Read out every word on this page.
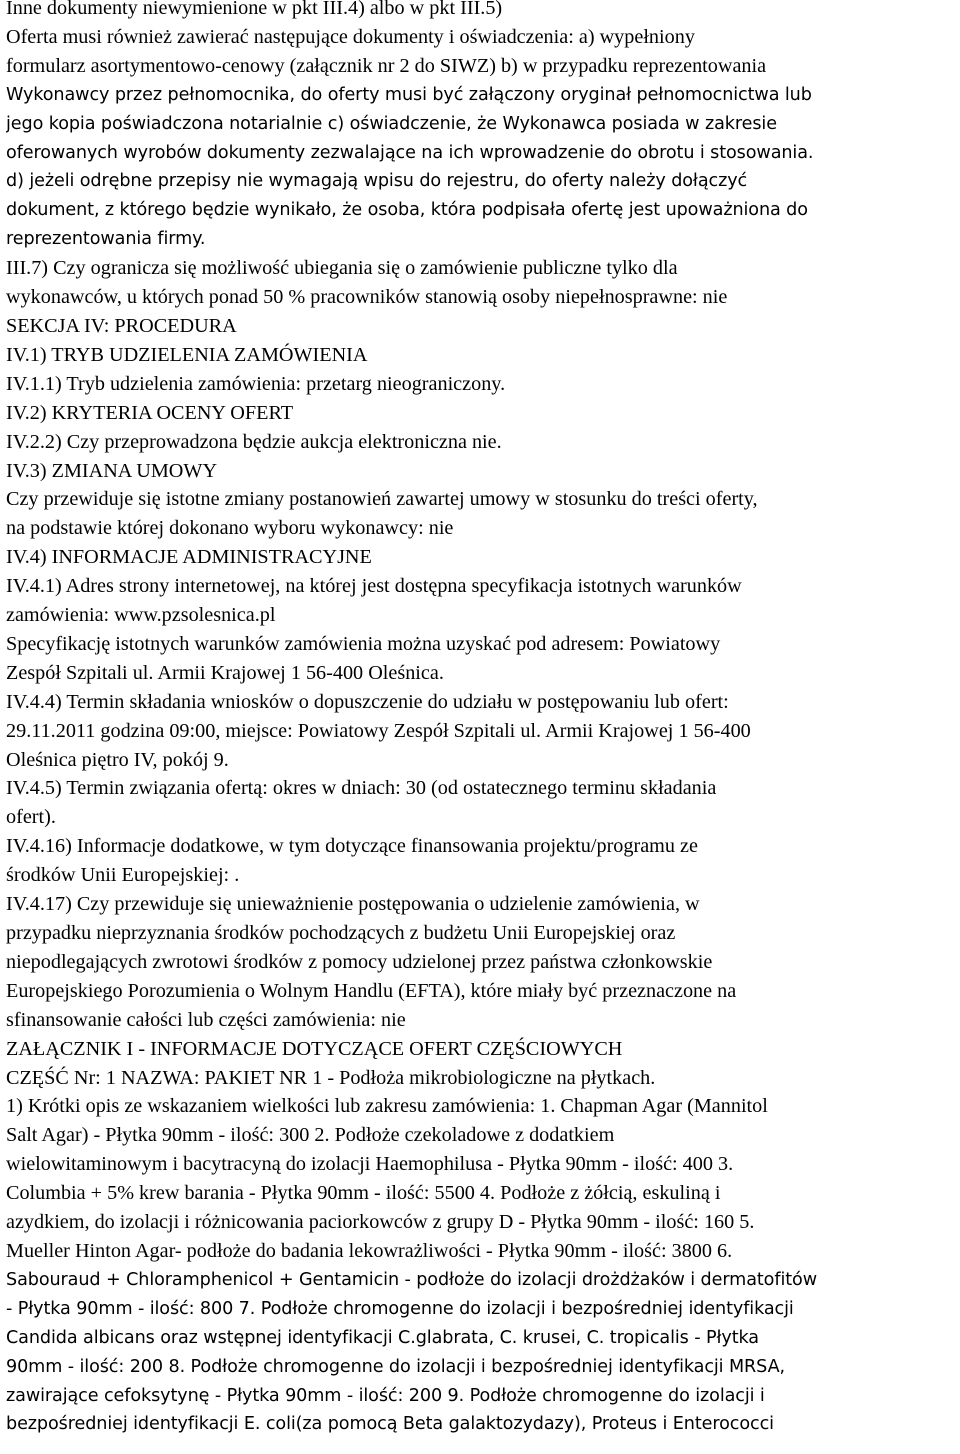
Inne dokumenty niewymienione w pkt III.4) albo w pkt III.5)
Oferta musi również zawierać następujące dokumenty i oświadczenia: a) wypełniony
formularz asortymentowo-cenowy (załącznik nr 2 do SIWZ) b) w przypadku reprezentowania
Wykonawcy przez pełnomocnika, do oferty musi być załączony oryginał pełnomocnictwa lub
jego kopia poświadczona notarialnie c) oświadczenie, że Wykonawca posiada w zakresie
oferowanych wyrobów dokumenty zezwalające na ich wprowadzenie do obrotu i stosowania.
d) jeżeli odrębne przepisy nie wymagają wpisu do rejestru, do oferty należy dołączyć
dokument, z którego będzie wynikało, że osoba, która podpisała ofertę jest upoważniona do
reprezentowania firmy.
III.7) Czy ogranicza się możliwość ubiegania się o zamówienie publiczne tylko dla
wykonawców, u których ponad 50 % pracowników stanowią osoby niepełnosprawne: nie
SEKCJA IV: PROCEDURA
IV.1) TRYB UDZIELENIA ZAMÓWIENIA
IV.1.1) Tryb udzielenia zamówienia: przetarg nieograniczony.
IV.2) KRYTERIA OCENY OFERT
IV.2.2) Czy przeprowadzona będzie aukcja elektroniczna nie.
IV.3) ZMIANA UMOWY
Czy przewiduje się istotne zmiany postanowień zawartej umowy w stosunku do treści oferty,
na podstawie której dokonano wyboru wykonawcy: nie
IV.4) INFORMACJE ADMINISTRACYJNE
IV.4.1) Adres strony internetowej, na której jest dostępna specyfikacja istotnych warunków
zamówienia: www.pzsolesnica.pl
Specyfikację istotnych warunków zamówienia można uzyskać pod adresem: Powiatowy
Zespół Szpitali ul. Armii Krajowej 1 56-400 Oleśnica.
IV.4.4) Termin składania wniosków o dopuszczenie do udziału w postępowaniu lub ofert:
29.11.2011 godzina 09:00, miejsce: Powiatowy Zespół Szpitali ul. Armii Krajowej 1 56-400
Oleśnica piętro IV, pokój 9.
IV.4.5) Termin związania ofertą: okres w dniach: 30 (od ostatecznego terminu składania
ofert).
IV.4.16) Informacje dodatkowe, w tym dotyczące finansowania projektu/programu ze
środków Unii Europejskiej: .
IV.4.17) Czy przewiduje się unieważnienie postępowania o udzielenie zamówienia, w
przypadku nieprzyznania środków pochodzących z budżetu Unii Europejskiej oraz
niepodlegających zwrotowi środków z pomocy udzielonej przez państwa członkowskie
Europejskiego Porozumienia o Wolnym Handlu (EFTA), które miały być przeznaczone na
sfinansowanie całości lub części zamówienia: nie
ZAŁĄCZNIK I - INFORMACJE DOTYCZĄCE OFERT CZĘŚCIOWYCH
CZĘŚĆ Nr: 1 NAZWA: PAKIET NR 1 - Podłoża mikrobiologiczne na płytkach.
1) Krótki opis ze wskazaniem wielkości lub zakresu zamówienia: 1. Chapman Agar (Mannitol
Salt Agar) - Płytka 90mm - ilość: 300 2. Podłoże czekoladowe z dodatkiem
wielowitaminowym i bacytracyną do izolacji Haemophilusa - Płytka 90mm - ilość: 400 3.
Columbia + 5% krew barania - Płytka 90mm - ilość: 5500 4. Podłoże z żółcią, eskuliną i
azydkiem, do izolacji i różnicowania paciorkowców z grupy D - Płytka 90mm - ilość: 160 5.
Mueller Hinton Agar- podłoże do badania lekowrażliwości - Płytka 90mm - ilość: 3800 6.
Sabouraud + Chloramphenicol + Gentamicin - podłoże do izolacji drożdżaków i dermatofitów
- Płytka 90mm - ilość: 800 7. Podłoże chromogenne do izolacji i bezpośredniej identyfikacji
Candida albicans oraz wstępnej identyfikacji C.glabrata, C. krusei, C. tropicalis - Płytka
90mm - ilość: 200 8. Podłoże chromogenne do izolacji i bezpośredniej identyfikacji MRSA,
zawirające cefoksytynę - Płytka 90mm - ilość: 200 9. Podłoże chromogenne do izolacji i
bezpośredniej identyfikacji E. coli(za pomocą Beta galaktozydazy), Proteus i Enterococci
